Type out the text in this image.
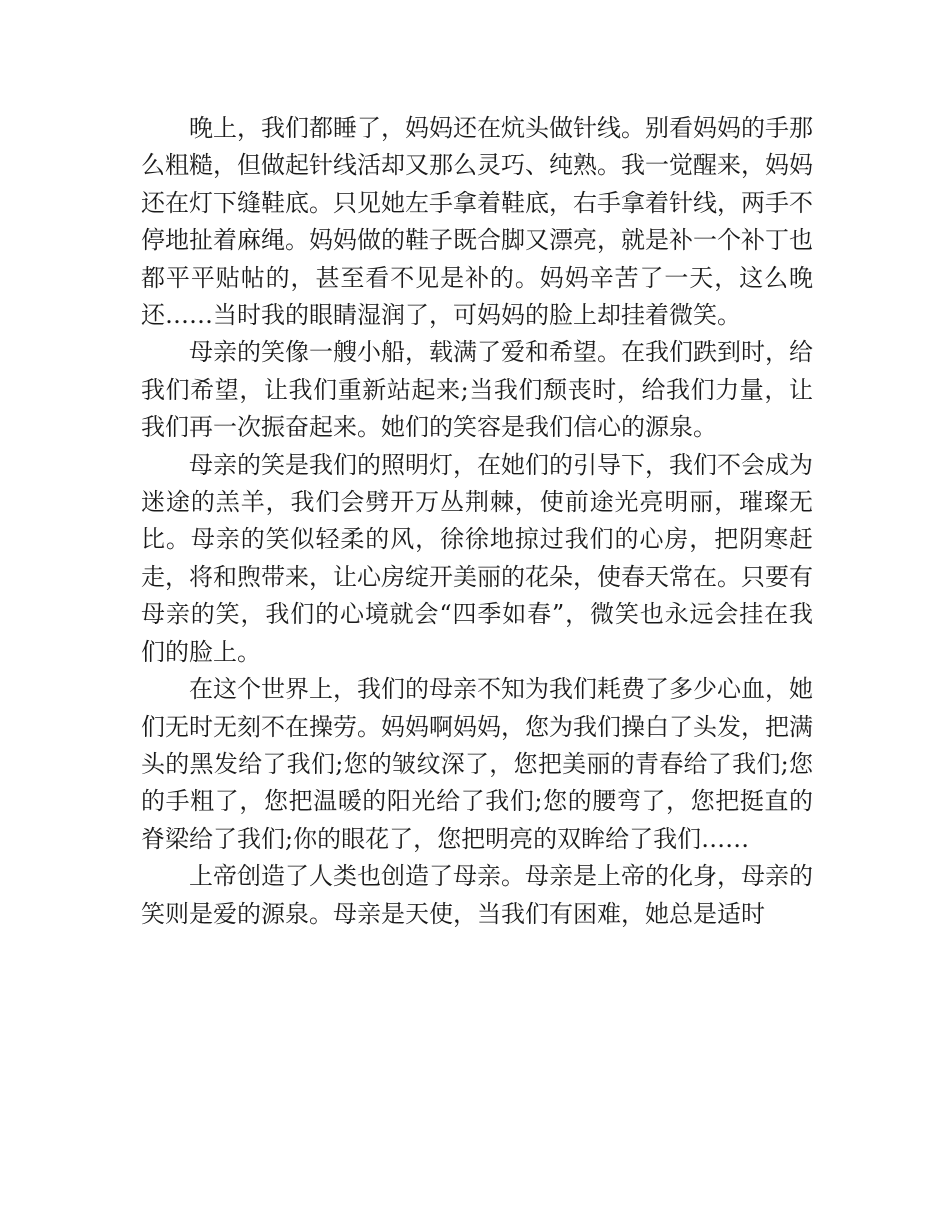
晚上，我们都睡了，妈妈还在炕头做针线。别看妈妈的手那么粗糙，但做起针线活却又那么灵巧、纯熟。我一觉醒来，妈妈还在灯下缝鞋底。只见她左手拿着鞋底，右手拿着针线，两手不停地扯着麻绳。妈妈做的鞋子既合脚又漂亮，就是补一个补丁也都平平贴帖的，甚至看不见是补的。妈妈辛苦了一天，这么晚还……当时我的眼睛湿润了，可妈妈的脸上却挂着微笑。

母亲的笑像一艘小船，载满了爱和希望。在我们跌到时，给我们希望，让我们重新站起来;当我们颓丧时，给我们力量，让我们再一次振奋起来。她们的笑容是我们信心的源泉。

母亲的笑是我们的照明灯，在她们的引导下，我们不会成为迷途的羔羊，我们会劈开万丛荆棘，使前途光亮明丽，璀璨无比。母亲的笑似轻柔的风，徐徐地掠过我们的心房，把阴寒赶走，将和煦带来，让心房绽开美丽的花朵，使春天常在。只要有母亲的笑，我们的心境就会“四季如春”，微笑也永远会挂在我们的脸上。

在这个世界上，我们的母亲不知为我们耗费了多少心血，她们无时无刻不在操劳。妈妈啊妈妈，您为我们操白了头发，把满头的黑发给了我们;您的皱纹深了，您把美丽的青春给了我们;您的手粗了，您把温暖的阳光给了我们;您的腰弯了，您把挺直的脊梁给了我们;你的眼花了，您把明亮的双眸给了我们……

上帝创造了人类也创造了母亲。母亲是上帝的化身，母亲的笑则是爱的源泉。母亲是天使，当我们有困难，她总是适时
